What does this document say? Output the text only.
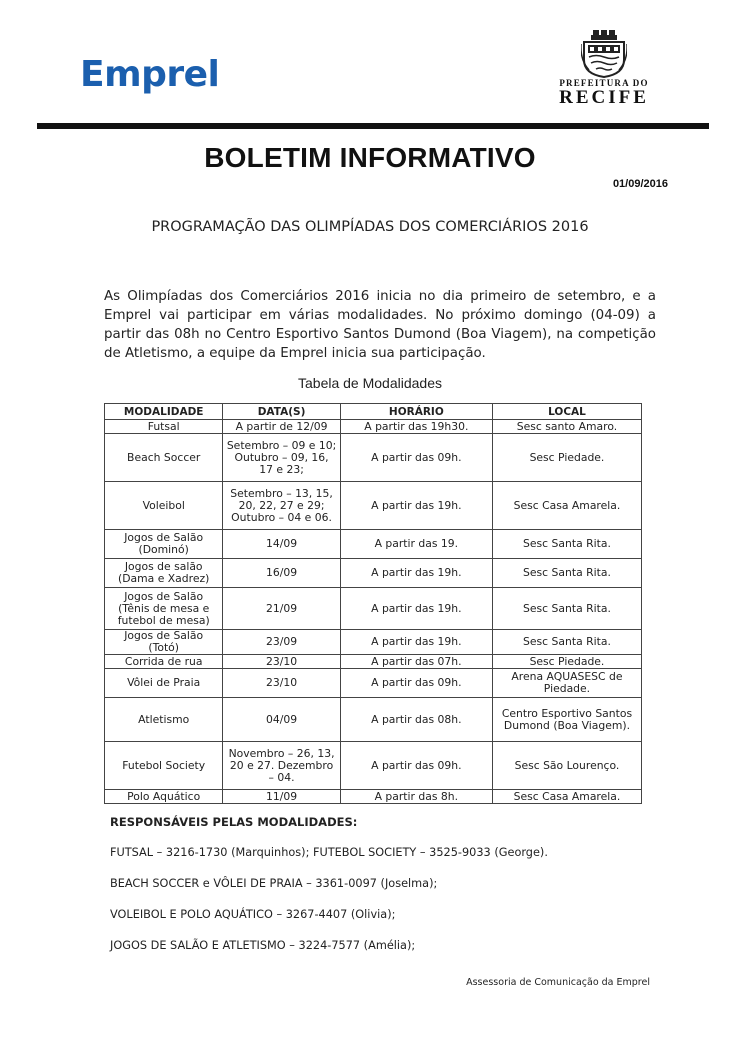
Emprel	PREFEITURA DO
RECIFE
BOLETIM INFORMATIVO
01/09/2016
PROGRAMAÇÃO DAS OLIMPÍADAS DOS COMERCIÁRIOS 2016
As Olimpíadas dos Comerciários 2016 inicia no dia primeiro de setembro, e a Emprel vai participar em várias modalidades. No próximo domingo (04-09) a partir das 08h no Centro Esportivo Santos Dumond (Boa Viagem), na competição de Atletismo, a equipe da Emprel inicia sua participação.
Tabela de Modalidades
MODALIDADE	DATA(S)	HORÁRIO	LOCAL
Futsal	A partir de 12/09	A partir das 19h30.	Sesc santo Amaro.
Beach Soccer	Setembro – 09 e 10; Outubro – 09, 16, 17 e 23;	A partir das 09h.	Sesc Piedade.
Voleibol	Setembro – 13, 15, 20, 22, 27 e 29; Outubro – 04 e 06.	A partir das 19h.	Sesc Casa Amarela.
Jogos de Salão (Dominó)	14/09	A partir das 19.	Sesc Santa Rita.
Jogos de salão (Dama e Xadrez)	16/09	A partir das 19h.	Sesc Santa Rita.
Jogos de Salão (Tênis de mesa e futebol de mesa)	21/09	A partir das 19h.	Sesc Santa Rita.
Jogos de Salão (Totó)	23/09	A partir das 19h.	Sesc Santa Rita.
Corrida de rua	23/10	A partir das 07h.	Sesc Piedade.
Vôlei de Praia	23/10	A partir das 09h.	Arena AQUASESC de Piedade.
Atletismo	04/09	A partir das 08h.	Centro Esportivo Santos Dumond (Boa Viagem).
Futebol Society	Novembro – 26, 13, 20 e 27. Dezembro – 04.	A partir das 09h.	Sesc São Lourenço.
Polo Aquático	11/09	A partir das 8h.	Sesc Casa Amarela.
RESPONSÁVEIS PELAS MODALIDADES:
FUTSAL – 3216-1730 (Marquinhos); FUTEBOL SOCIETY – 3525-9033 (George).
BEACH SOCCER e VÔLEI DE PRAIA – 3361-0097 (Joselma);
VOLEIBOL E POLO AQUÁTICO – 3267-4407 (Olivia);
JOGOS DE SALÃO E ATLETISMO – 3224-7577 (Amélia);
Assessoria de Comunicação da Emprel
